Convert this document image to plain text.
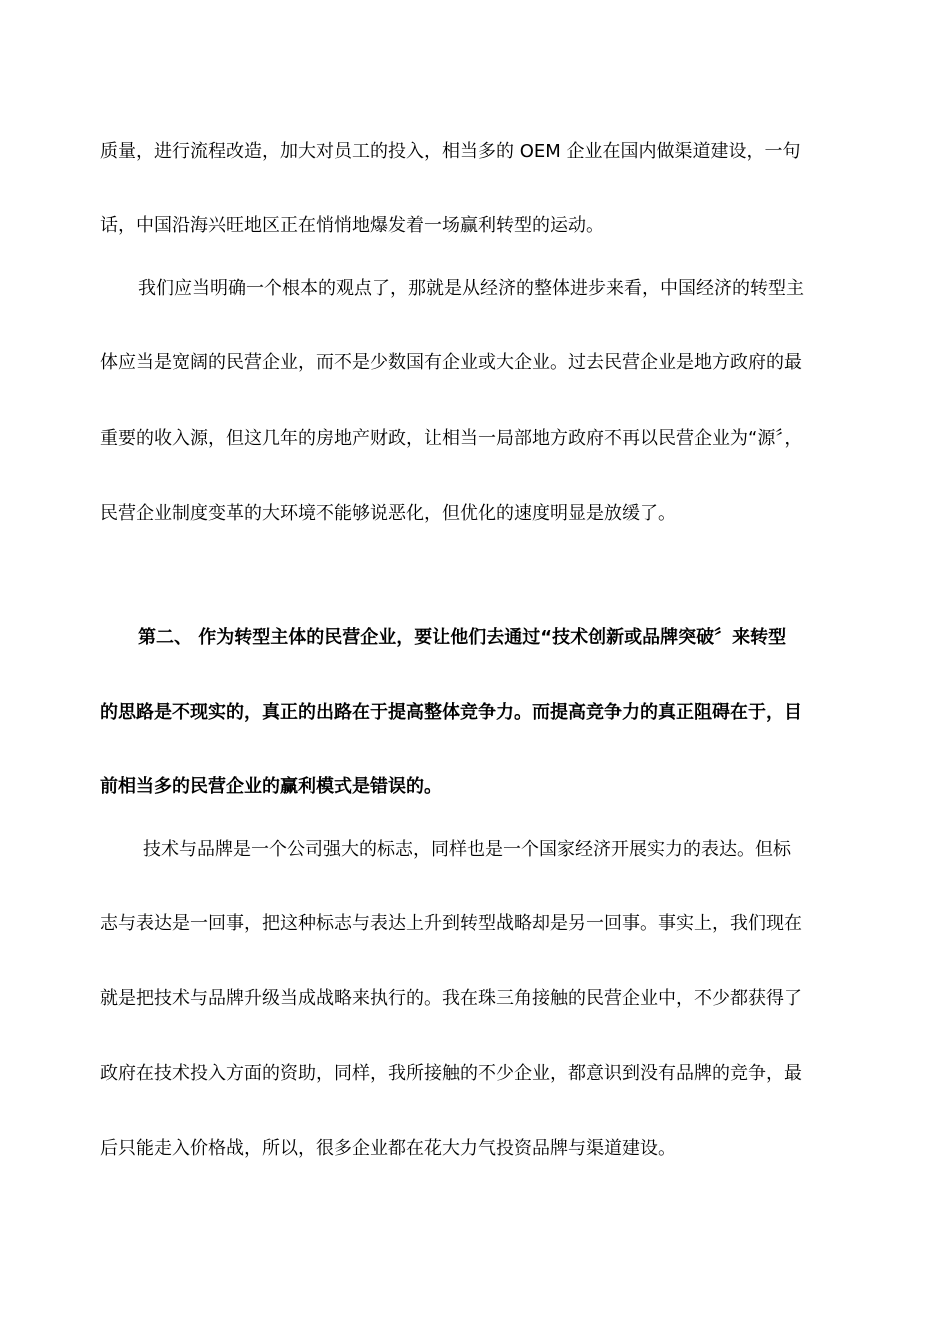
质量，进行流程改造，加大对员工的投入，相当多的 OEM 企业在国内做渠道建设，一句
话，中国沿海兴旺地区正在悄悄地爆发着一场赢利转型的运动。
我们应当明确一个根本的观点了，那就是从经济的整体进步来看，中国经济的转型主
体应当是宽阔的民营企业，而不是少数国有企业或大企业。过去民营企业是地方政府的最
重要的收入源，但这几年的房地产财政，让相当一局部地方政府不再以民营企业为“源〞，
民营企业制度变革的大环境不能够说恶化，但优化的速度明显是放缓了。
第二、 作为转型主体的民营企业，要让他们去通过“技术创新或品牌突破〞来转型
的思路是不现实的，真正的出路在于提高整体竞争力。而提高竞争力的真正阻碍在于，目
前相当多的民营企业的赢利模式是错误的。
技术与品牌是一个公司强大的标志，同样也是一个国家经济开展实力的表达。但标
志与表达是一回事，把这种标志与表达上升到转型战略却是另一回事。事实上，我们现在
就是把技术与品牌升级当成战略来执行的。我在珠三角接触的民营企业中，不少都获得了
政府在技术投入方面的资助，同样，我所接触的不少企业，都意识到没有品牌的竞争，最
后只能走入价格战，所以，很多企业都在花大力气投资品牌与渠道建设。
